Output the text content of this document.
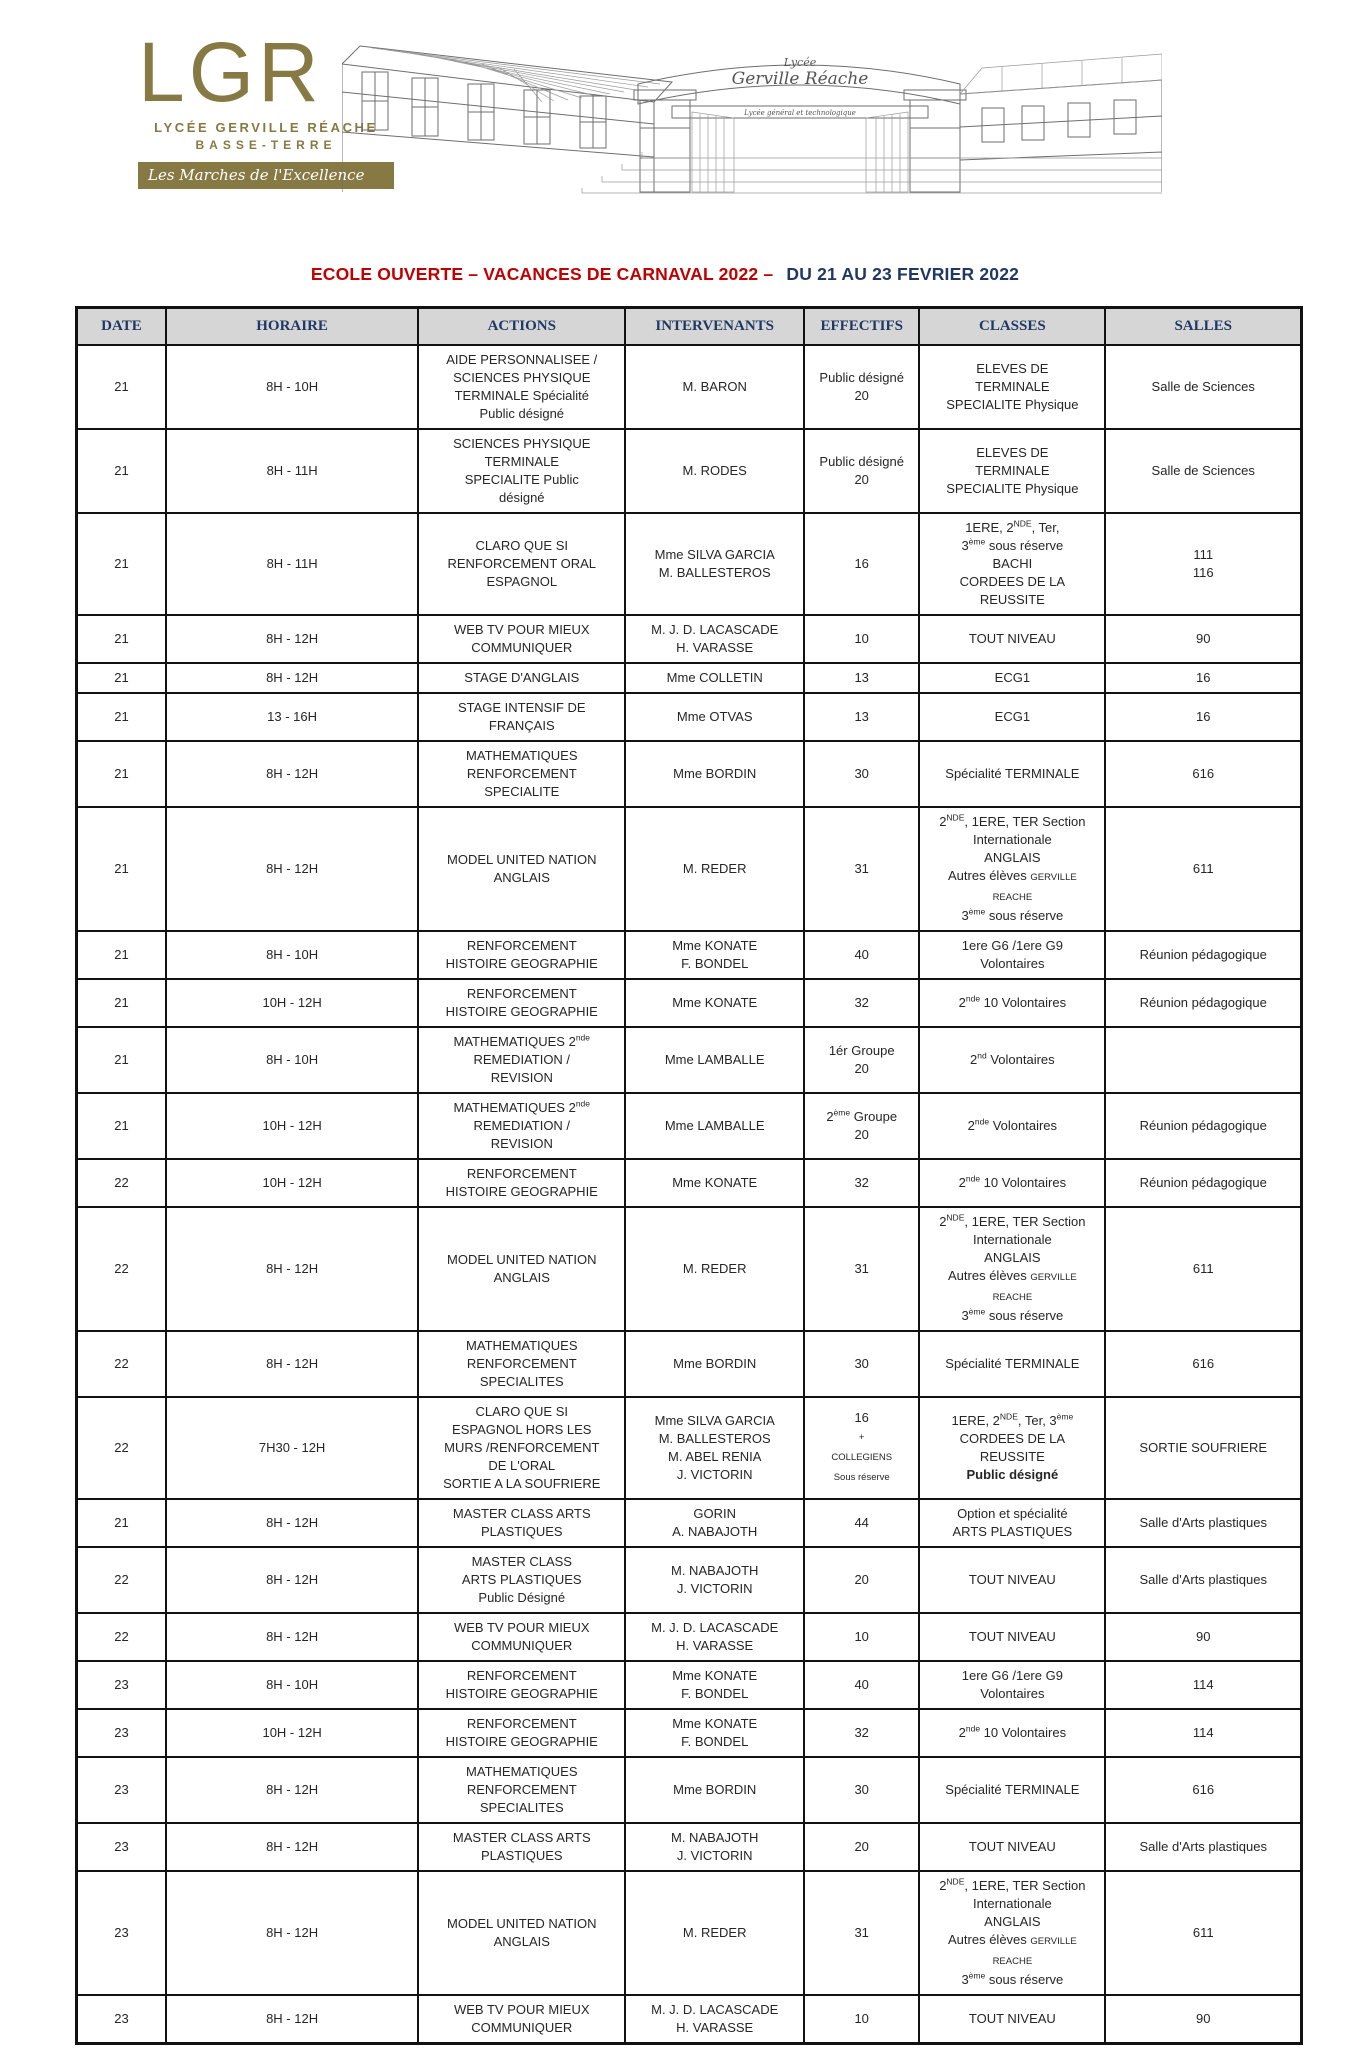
LGR
LYCÉE GERVILLE RÉACHE
BASSE-TERRE
Les Marches de l'Excellence
Lycée
Gerville Réache
Lycée général et technologique
ECOLE OUVERTE – VACANCES DE CARNAVAL 2022 – DU 21 AU 23 FEVRIER 2022
DATE	HORAIRE	ACTIONS	INTERVENANTS	EFFECTIFS	CLASSES	SALLES
21	8H - 10H	AIDE PERSONNALISEE /
SCIENCES PHYSIQUE
TERMINALE Spécialité
Public désigné	M. BARON	Public désigné
20	ELEVES DE
TERMINALE
SPECIALITE Physique	Salle de Sciences
21	8H - 11H	SCIENCES PHYSIQUE
TERMINALE
SPECIALITE Public
désigné	M. RODES	Public désigné
20	ELEVES DE
TERMINALE
SPECIALITE Physique	Salle de Sciences
21	8H - 11H	CLARO QUE SI
RENFORCEMENT ORAL
ESPAGNOL	Mme SILVA GARCIA
M. BALLESTEROS	16	1ERE, 2NDE, Ter,
3ème sous réserve
BACHI
CORDEES DE LA
REUSSITE	111
116
21	8H - 12H	WEB TV POUR MIEUX
COMMUNIQUER	M. J. D. LACASCADE
H. VARASSE	10	TOUT NIVEAU	90
21	8H - 12H	STAGE D'ANGLAIS	Mme COLLETIN	13	ECG1	16
21	13 - 16H	STAGE INTENSIF DE
FRANÇAIS	Mme OTVAS	13	ECG1	16
21	8H - 12H	MATHEMATIQUES
RENFORCEMENT
SPECIALITE	Mme BORDIN	30	Spécialité TERMINALE	616
21	8H - 12H	MODEL UNITED NATION
ANGLAIS	M. REDER	31	2NDE, 1ERE, TER Section
Internationale
ANGLAIS
Autres élèves GERVILLE
REACHE
3ème sous réserve	611
21	8H - 10H	RENFORCEMENT
HISTOIRE GEOGRAPHIE	Mme KONATE
F. BONDEL	40	1ere G6 /1ere G9
Volontaires	Réunion pédagogique
21	10H - 12H	RENFORCEMENT
HISTOIRE GEOGRAPHIE	Mme KONATE	32	2nde 10 Volontaires	Réunion pédagogique
21	8H - 10H	MATHEMATIQUES 2nde
REMEDIATION /
REVISION	Mme LAMBALLE	1ér Groupe
20	2nd Volontaires	
21	10H - 12H	MATHEMATIQUES 2nde
REMEDIATION /
REVISION	Mme LAMBALLE	2ème Groupe
20	2nde Volontaires	Réunion pédagogique
22	10H - 12H	RENFORCEMENT
HISTOIRE GEOGRAPHIE	Mme KONATE	32	2nde 10 Volontaires	Réunion pédagogique
22	8H - 12H	MODEL UNITED NATION
ANGLAIS	M. REDER	31	2NDE, 1ERE, TER Section
Internationale
ANGLAIS
Autres élèves GERVILLE
REACHE
3ème sous réserve	611
22	8H - 12H	MATHEMATIQUES
RENFORCEMENT
SPECIALITES	Mme BORDIN	30	Spécialité TERMINALE	616
22	7H30 - 12H	CLARO QUE SI
ESPAGNOL HORS LES
MURS /RENFORCEMENT
DE L'ORAL
SORTIE A LA SOUFRIERE	Mme SILVA GARCIA
M. BALLESTEROS
M. ABEL RENIA
J. VICTORIN	16
+
COLLEGIENS
Sous réserve	1ERE, 2NDE, Ter, 3ème
CORDEES DE LA
REUSSITE
Public désigné	SORTIE SOUFRIERE
21	8H - 12H	MASTER CLASS ARTS
PLASTIQUES	GORIN
A. NABAJOTH	44	Option et spécialité
ARTS PLASTIQUES	Salle d'Arts plastiques
22	8H - 12H	MASTER CLASS
ARTS PLASTIQUES
Public Désigné	M. NABAJOTH
J. VICTORIN	20	TOUT NIVEAU	Salle d'Arts plastiques
22	8H - 12H	WEB TV POUR MIEUX
COMMUNIQUER	M. J. D. LACASCADE
H. VARASSE	10	TOUT NIVEAU	90
23	8H - 10H	RENFORCEMENT
HISTOIRE GEOGRAPHIE	Mme KONATE
F. BONDEL	40	1ere G6 /1ere G9
Volontaires	114
23	10H - 12H	RENFORCEMENT
HISTOIRE GEOGRAPHIE	Mme KONATE
F. BONDEL	32	2nde 10 Volontaires	114
23	8H - 12H	MATHEMATIQUES
RENFORCEMENT
SPECIALITES	Mme BORDIN	30	Spécialité TERMINALE	616
23	8H - 12H	MASTER CLASS ARTS
PLASTIQUES	M. NABAJOTH
J. VICTORIN	20	TOUT NIVEAU	Salle d'Arts plastiques
23	8H - 12H	MODEL UNITED NATION
ANGLAIS	M. REDER	31	2NDE, 1ERE, TER Section
Internationale
ANGLAIS
Autres élèves GERVILLE
REACHE
3ème sous réserve	611
23	8H - 12H	WEB TV POUR MIEUX
COMMUNIQUER	M. J. D. LACASCADE
H. VARASSE	10	TOUT NIVEAU	90
